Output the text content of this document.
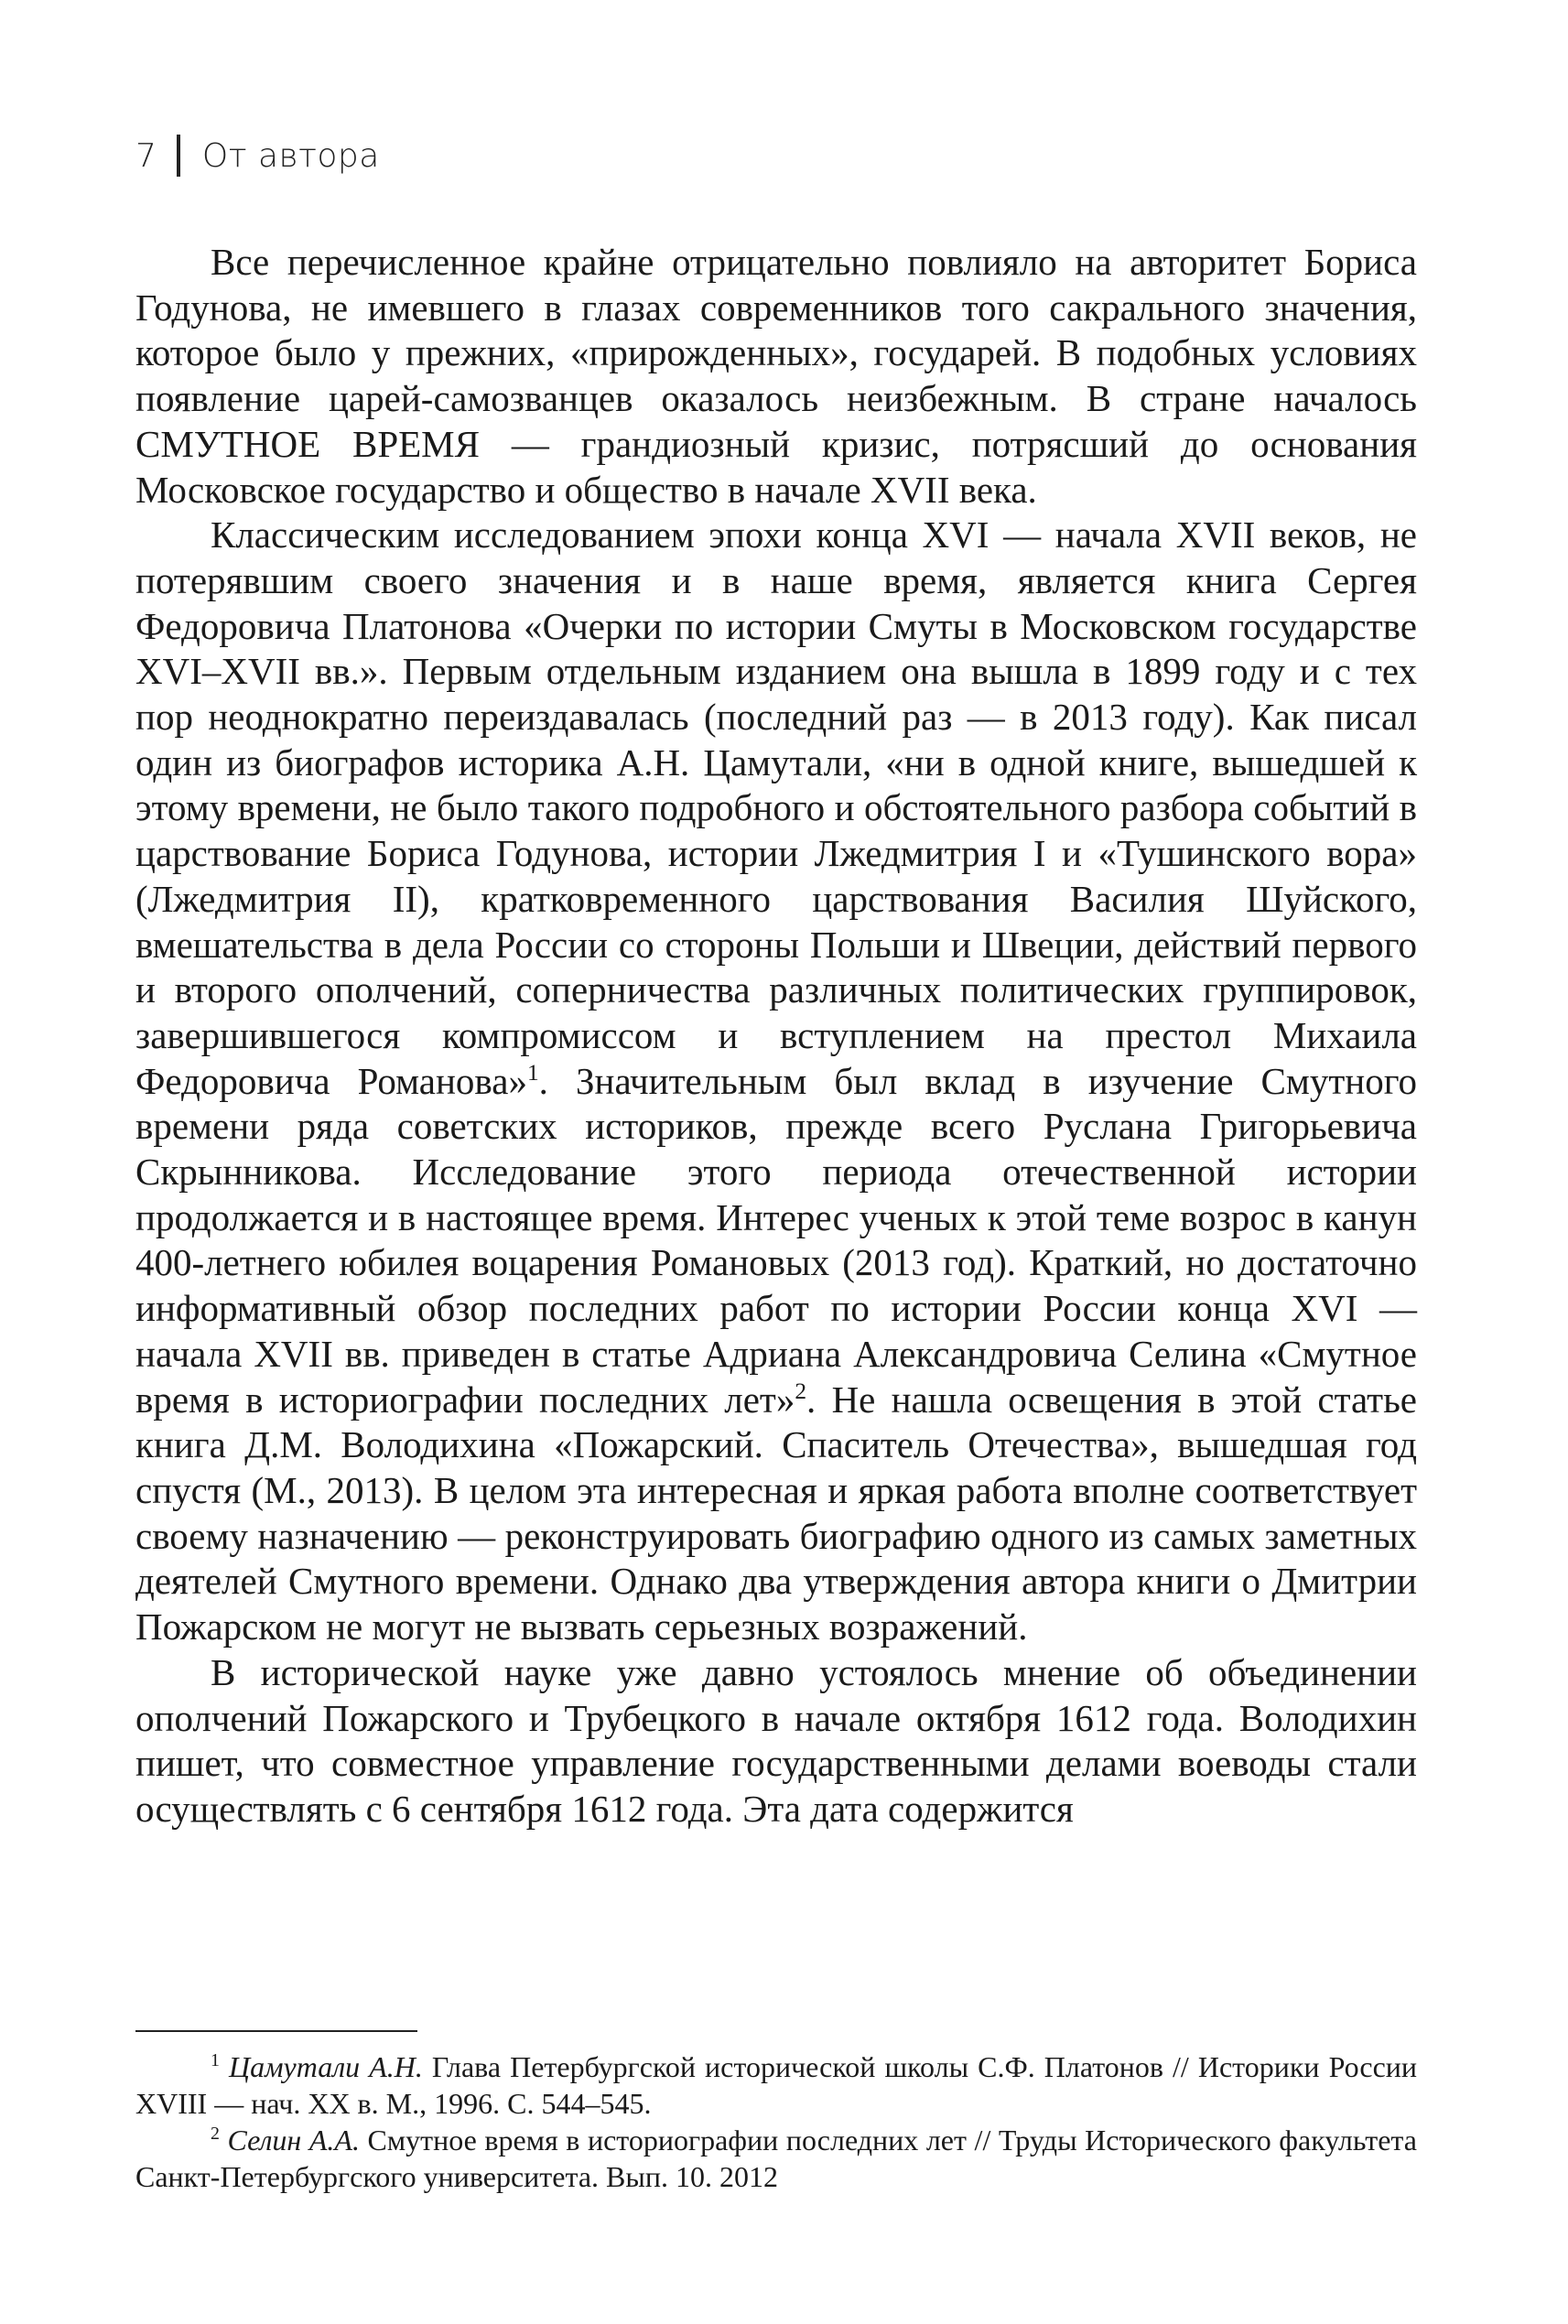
7 От автора

Все перечисленное крайне отрицательно повлияло на авторитет Бориса Годунова, не имевшего в глазах современников того сакрального значения, которое было у прежних, «прирожденных», государей. В подобных условиях появление царей-самозванцев оказалось неизбежным. В стране началось СМУТНОЕ ВРЕМЯ — грандиозный кризис, потрясший до основания Московское государство и общество в начале XVII века.

Классическим исследованием эпохи конца XVI — начала XVII веков, не потерявшим своего значения и в наше время, является книга Сергея Федоровича Платонова «Очерки по истории Смуты в Московском государстве XVI–XVII вв.». Первым отдельным изданием она вышла в 1899 году и с тех пор неоднократно переиздавалась (последний раз — в 2013 году). Как писал один из биографов историка А.Н. Цамутали, «ни в одной книге, вышедшей к этому времени, не было такого подробного и обстоятельного разбора событий в царствование Бориса Годунова, истории Лжедмитрия I и «Тушинского вора» (Лжедмитрия II), кратковременного царствования Василия Шуйского, вмешательства в дела России со стороны Польши и Швеции, действий первого и второго ополчений, соперничества различных политических группировок, завершившегося компромиссом и вступлением на престол Михаила Федоровича Романова»$^1$. Значительным был вклад в изучение Смутного времени ряда советских историков, прежде всего Руслана Григорьевича Скрынникова. Исследование этого периода отечественной истории продолжается и в настоящее время. Интерес ученых к этой теме возрос в канун 400-летнего юбилея воцарения Романовых (2013 год). Краткий, но достаточно информативный обзор последних работ по истории России конца XVI — начала XVII вв. приведен в статье Адриана Александровича Селина «Смутное время в историографии последних лет»$^2$. Не нашла освещения в этой статье книга Д.М. Володихина «Пожарский. Спаситель Отечества», вышедшая год спустя (М., 2013). В целом эта интересная и яркая работа вполне соответствует своему назначению — реконструировать биографию одного из самых заметных деятелей Смутного времени. Однако два утверждения автора книги о Дмитрии Пожарском не могут не вызвать серьезных возражений.

В исторической науке уже давно устоялось мнение об объединении ополчений Пожарского и Трубецкого в начале октября 1612 года. Володихин пишет, что совместное управление государственными делами воеводы стали осуществлять с 6 сентября 1612 года. Эта дата содержится

$^1$ Цамутали А.Н. Глава Петербургской исторической школы С.Ф. Платонов // Историки России XVIII — нач. XX в. М., 1996. С. 544–545.

$^2$ Селин А.А. Смутное время в историографии последних лет // Труды Исторического факультета Санкт-Петербургского университета. Вып. 10. 2012
